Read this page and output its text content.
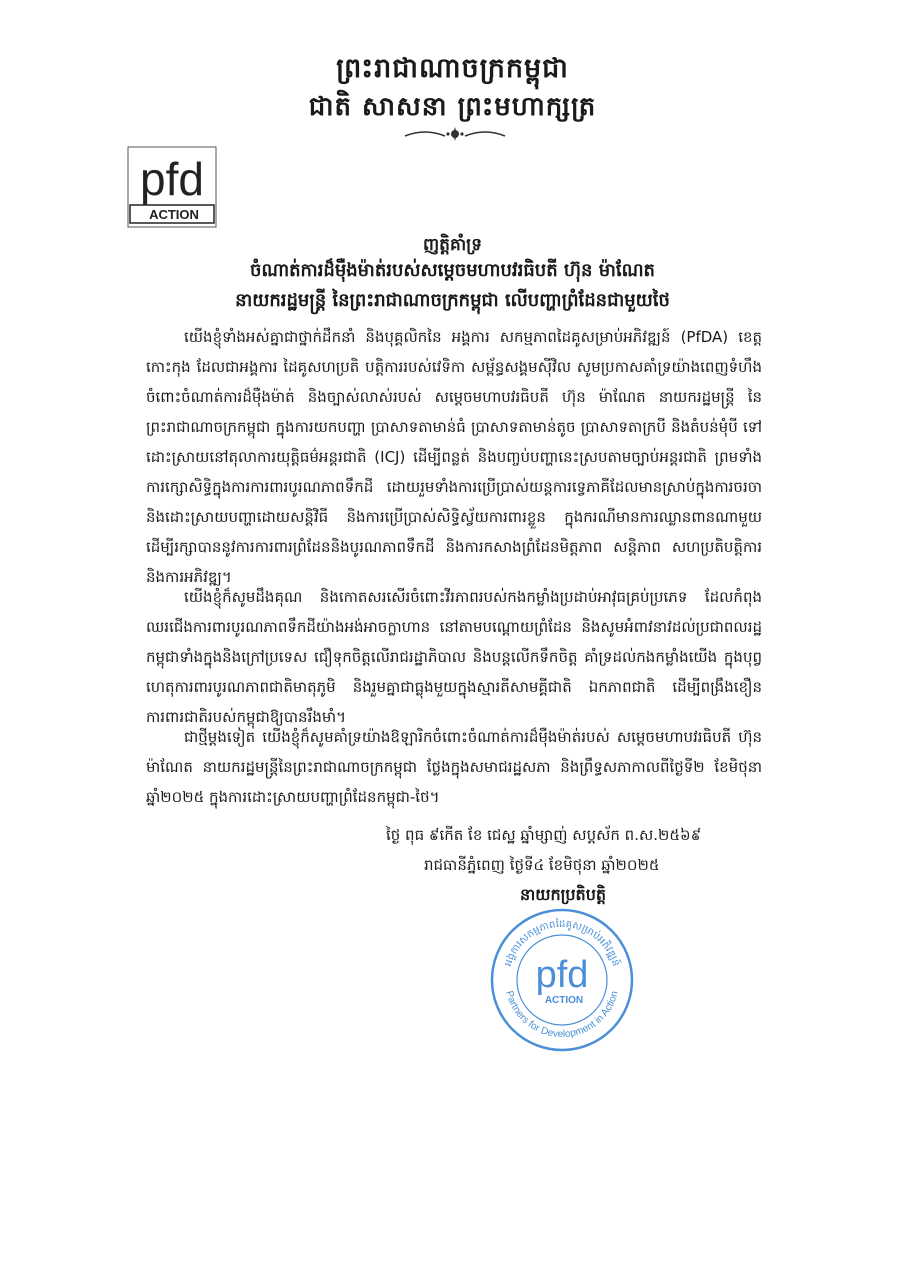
ព្រះរាជាណាចក្រកម្ពុជា
ជាតិ សាសនា ព្រះមហាក្សត្រ
pfd
ACTION
ញត្តិគាំទ្រ
ចំណាត់ការដ៏ម៉ឺងម៉ាត់របស់សម្តេចមហាបវរធិបតី ហ៊ុន ម៉ាណែត
នាយករដ្ឋមន្ត្រី នៃព្រះរាជាណាចក្រកម្ពុជា លើបញ្ហាព្រំដែនជាមួយថៃ

យើងខ្ញុំទាំងអស់គ្នាជាថ្នាក់ដឹកនាំ និងបុគ្គលិកនៃ អង្គការ សកម្មភាពដៃគូសម្រាប់អភិវឌ្ឍន៍ (PfDA) ខេត្តកោះកុង ដែលជាអង្គការ ដៃគូសហប្រតិ បត្តិការរបស់វេទិកា សម្ព័ន្ធសង្គមស៊ីវិល សូមប្រកាសគាំទ្រយ៉ាងពេញទំហឹងចំពោះចំណាត់ការដ៏ម៉ឺងម៉ាត់ និងច្បាស់លាស់របស់ សម្តេចមហាបវរធិបតី ហ៊ុន ម៉ាណែត នាយករដ្ឋមន្ត្រី នៃព្រះរាជាណាចក្រកម្ពុជា ក្នុងការយកបញ្ហា ប្រាសាទតាមាន់ធំ ប្រាសាទតាមាន់តូច ប្រាសាទតាក្របី និងតំបន់មុំបី ទៅដោះស្រាយនៅតុលាការយុត្តិធម៌អន្តរជាតិ (ICJ) ដើម្បីពន្លត់ និងបញ្ចប់បញ្ហានេះស្របតាមច្បាប់អន្តរជាតិ ព្រមទាំងការក្សោសិទ្ធិក្នុងការការពារបូរណភាពទឹកដី ដោយរួមទាំងការប្រើប្រាស់យន្តការទ្វេភាគីដែលមានស្រាប់ក្នុងការចរចានិងដោះស្រាយបញ្ហាដោយសន្តិវិធី និងការប្រើប្រាស់សិទ្ធិស្វ័យការពារខ្លួន ក្នុងករណីមានការឈ្លានពានណាមួយ ដើម្បីរក្សាបាននូវការការពារព្រំដែននិងបូរណភាពទឹកដី និងការកសាងព្រំដែនមិត្តភាព សន្តិភាព សហប្រតិបត្តិការ និងការអភិវឌ្ឍ។

យើងខ្ញុំក៏សូមដឹងគុណ និងកោតសរសើរចំពោះវីរភាពរបស់កងកម្លាំងប្រដាប់អាវុធគ្រប់ប្រភេទ ដែលកំពុងឈរជើងការពារបូរណភាពទឹកដីយ៉ាងអង់អាចក្លាហាន នៅតាមបណ្តោយព្រំដែន និងសូមអំពាវនាវដល់ប្រជាពលរដ្ឋកម្ពុជាទាំងក្នុងនិងក្រៅប្រទេស ជឿទុកចិត្តលើរាជរដ្ឋាភិបាល និងបន្តលើកទឹកចិត្ត គាំទ្រដល់កងកម្លាំងយើង ក្នុងបុព្វហេតុការពារបូរណភាពជាតិមាតុភូមិ និងរួមគ្នាជាធ្លុងមួយក្នុងស្មារតីសាមគ្គីជាតិ ឯកភាពជាតិ ដើម្បីពង្រឹងខឿនការពារជាតិរបស់កម្ពុជាឱ្យបានរឹងមាំ។

ជាថ្មីម្តងទៀត យើងខ្ញុំក៏សូមគាំទ្រយ៉ាងឱឡារិកចំពោះចំណាត់ការដ៏ម៉ឺងម៉ាត់របស់ សម្តេចមហាបវរធិបតី ហ៊ុន ម៉ាណែត នាយករដ្ឋមន្ត្រីនៃព្រះរាជាណាចក្រកម្ពុជា ថ្លែងក្នុងសមាជរដ្ឋសភា និងព្រឹទ្ធសភាកាលពីថ្ងៃទី២ ខែមិថុនា ឆ្នាំ២០២៥ ក្នុងការដោះស្រាយបញ្ហាព្រំដែនកម្ពុជា-ថៃ។

ថ្ងៃ ពុធ ៩កើត ខែ ជេស្ឋ ឆ្នាំម្សាញ់ សប្តស័ក ព.ស.២៥៦៩
រាជធានីភ្នំពេញ ថ្ងៃទី៤ ខែមិថុនា ឆ្នាំ២០២៥
នាយកប្រតិបត្តិ
អង្គការសកម្មភាពដៃគូសម្រាប់អភិវឌ្ឍន៍
Partners for Development in Action
pfd
ACTION
